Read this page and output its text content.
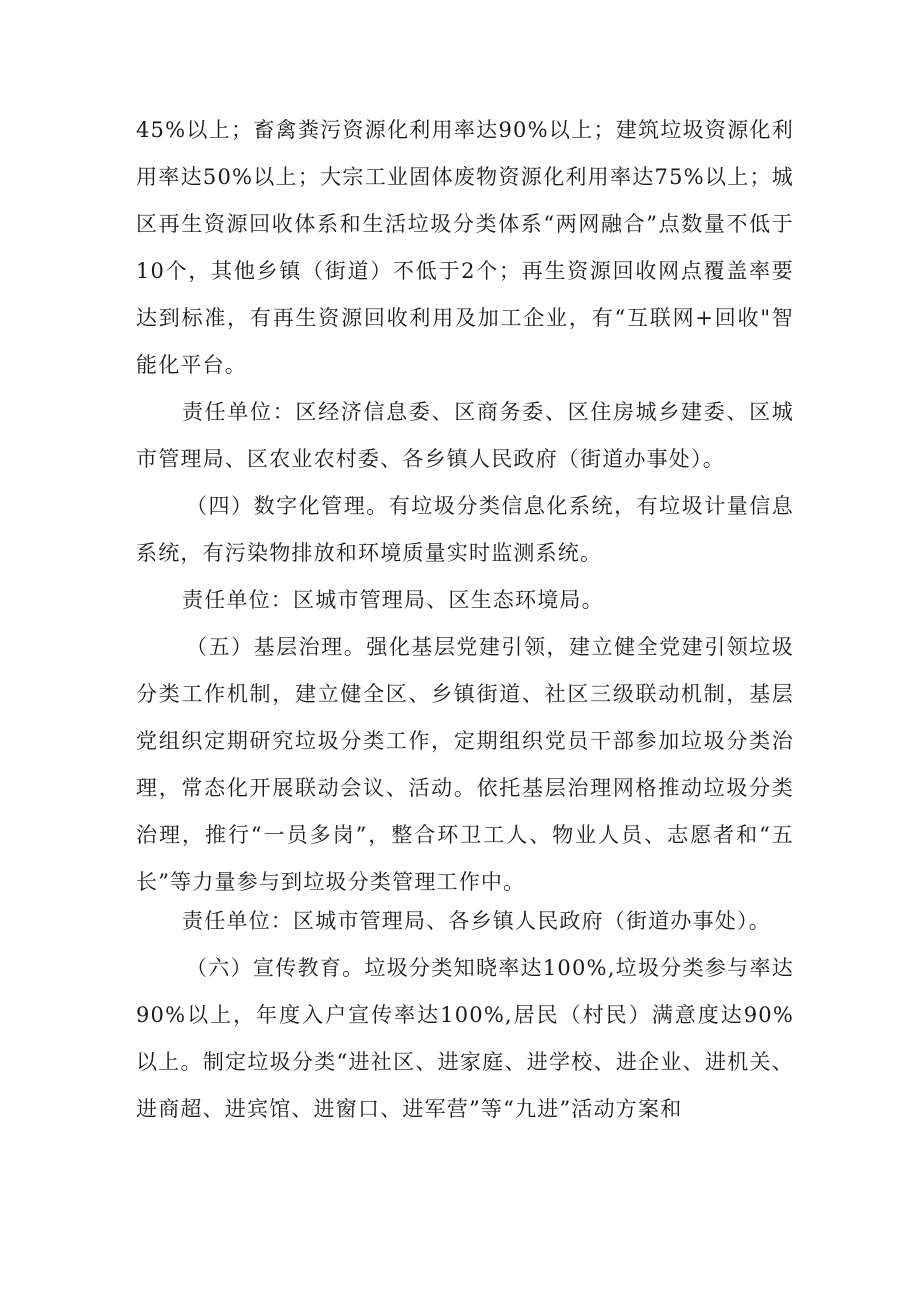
45%以上；畜禽粪污资源化利用率达90%以上；建筑垃圾资源化利用率达50%以上；大宗工业固体废物资源化利用率达75%以上；城区再生资源回收体系和生活垃圾分类体系“两网融合”点数量不低于10个，其他乡镇（街道）不低于2个；再生资源回收网点覆盖率要达到标准，有再生资源回收利用及加工企业，有“互联网+回收"智能化平台。

责任单位：区经济信息委、区商务委、区住房城乡建委、区城市管理局、区农业农村委、各乡镇人民政府（街道办事处）。

（四）数字化管理。有垃圾分类信息化系统，有垃圾计量信息系统，有污染物排放和环境质量实时监测系统。

责任单位：区城市管理局、区生态环境局。

（五）基层治理。强化基层党建引领，建立健全党建引领垃圾分类工作机制，建立健全区、乡镇街道、社区三级联动机制，基层党组织定期研究垃圾分类工作，定期组织党员干部参加垃圾分类治理，常态化开展联动会议、活动。依托基层治理网格推动垃圾分类治理，推行“一员多岗”，整合环卫工人、物业人员、志愿者和“五长”等力量参与到垃圾分类管理工作中。

责任单位：区城市管理局、各乡镇人民政府（街道办事处）。

（六）宣传教育。垃圾分类知晓率达100%,垃圾分类参与率达90%以上，年度入户宣传率达100%,居民（村民）满意度达90%以上。制定垃圾分类“进社区、进家庭、进学校、进企业、进机关、进商超、进宾馆、进窗口、进军营”等“九进”活动方案和
